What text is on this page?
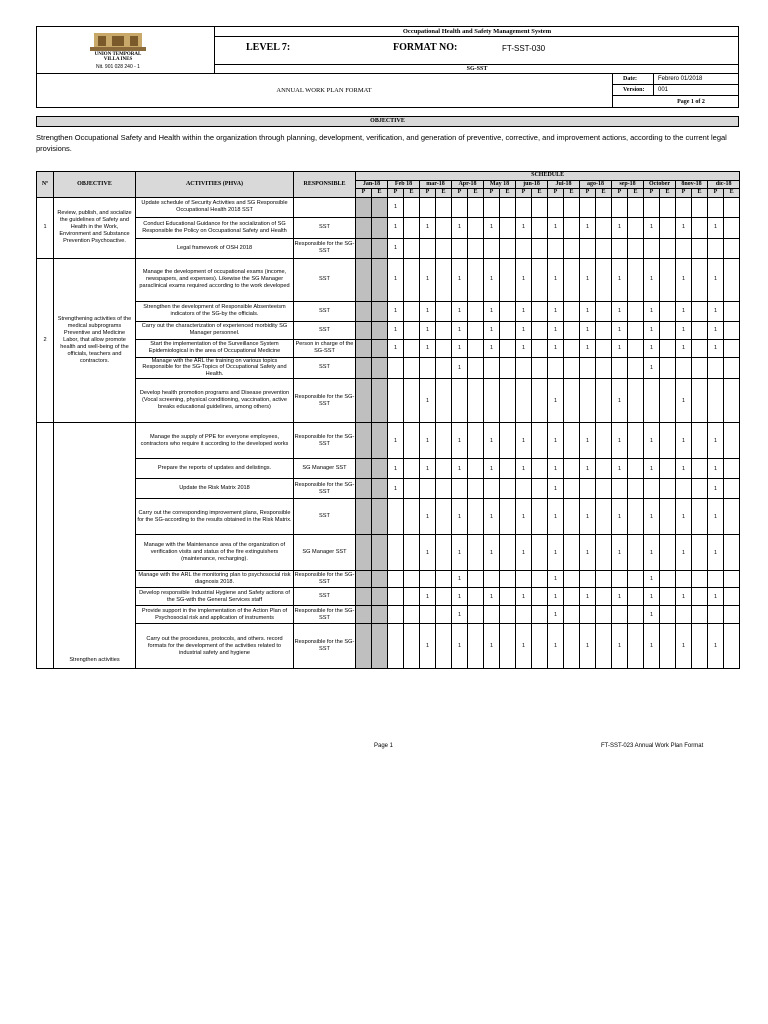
UNION TEMPORAL
VILLA INES
Nit. 901 028 240 - 1
Occupational Health and Safety Management System
LEVEL 7:	FORMAT NO:	FT-SST-030
SG-SST
ANNUAL WORK PLAN FORMAT
Date:	Febrero 01/2018
Version:	001
Page 1 of 2
OBJECTIVE
Strengthen Occupational Safety and Health within the organization through planning, development, verification, and generation of preventive, corrective, and improvement actions, according to the current legal provisions.
Nº	OBJECTIVE	ACTIVITIES (PHVA)	RESPONSIBLE	SCHEDULE																							
				Jan-18		Feb 18		mar-18		Apr-18		May 18		jun-18		Jul-18		ago-18		sep-18		October		8nov-18		dic-18	
				P	E	P	E	P	E	P	E	P	E	P	E	P	E	P	E	P	E	P	E	P	E	P	E
1	Review, publish, and socialize the guidelines of Safety and Health in the Work, Environment and Substance Prevention Psychoactive.	Update schedule of Security Activities and SG Responsible Occupational Health 2018 SST				1																					
		Conduct Educational Guidance for the socialization of SG Responsible the Policy on Occupational Safety and Health	SST			1		1		1		1		1		1		1		1		1		1		1	
		Legal framework of OSH 2018	Responsible for the SG-SST			1																					
2	Strengthening activities of the medical subprograms Preventive and Medicine Labor, that allow promote health and well-being of the officials, teachers and contractors.	Manage the development of occupational exams (income, newspapers, and expenses). Likewise the SG Manager paraclinical exams required according to the work developed	SST			1		1		1		1		1		1		1		1		1		1		1	
		Strengthen the development of Responsible Absenteeism indicators of the SG-by the officials.	SST			1		1		1		1		1		1		1		1		1		1		1	
		Carry out the characterization of experienced morbidity SG Manager personnel.	SST			1		1		1		1		1		1		1		1		1		1		1	
		Start the implementation of the Surveillance System Epidemiological in the area of Occupational Medicine	Person in charge of the SG-SST			1		1		1		1		1		1		1		1		1		1		1	
		Manage with the ARL the training on various topics Responsible for the SG-Topics of Occupational Safety and Health.	SST							1												1					
		Develop health promotion programs and Disease prevention (Vocal screening, physical conditioning, vaccination, active breaks educational guidelines, among others)	Responsible for the SG-SST					1								1				1				1			
	Strengthen activities	Manage the supply of PPE for everyone employees, contractors who require it according to the developed works	Responsible for the SG-SST			1		1		1		1		1		1		1		1		1		1		1	
		Prepare the reports of updates and delistings.	SG Manager SST			1		1		1		1		1		1		1		1		1		1		1	
		Update the Risk Matrix 2018	Responsible for the SG-SST			1										1										1	
		Carry out the corresponding improvement plans, Responsible for the SG-according to the results obtained in the Risk Matrix.	SST					1		1		1		1		1		1		1		1		1		1	
		Manage with the Maintenance area of the organization of verification visits and status of the fire extinguishers (maintenance, recharging).	SG Manager SST					1		1		1		1		1		1		1		1		1		1	
		Manage with the ARL the monitoring plan to psychosocial risk diagnosis 2018.	Responsible for the SG-SST							1						1						1					
		Develop responsible Industrial Hygiene and Safety actions of the SG-with the General Services staff	SST					1		1		1		1		1		1		1		1		1		1	
		Provide support in the implementation of the Action Plan of Psychosocial risk and application of instruments	Responsible for the SG-SST							1						1						1					
		Carry out the procedures, protocols, and others. record formats for the development of the activities related to industrial safety and hygiene	Responsible for the SG-SST					1		1		1		1		1		1		1		1		1		1	
Page 1	FT-SST-023 Annual Work Plan Format
